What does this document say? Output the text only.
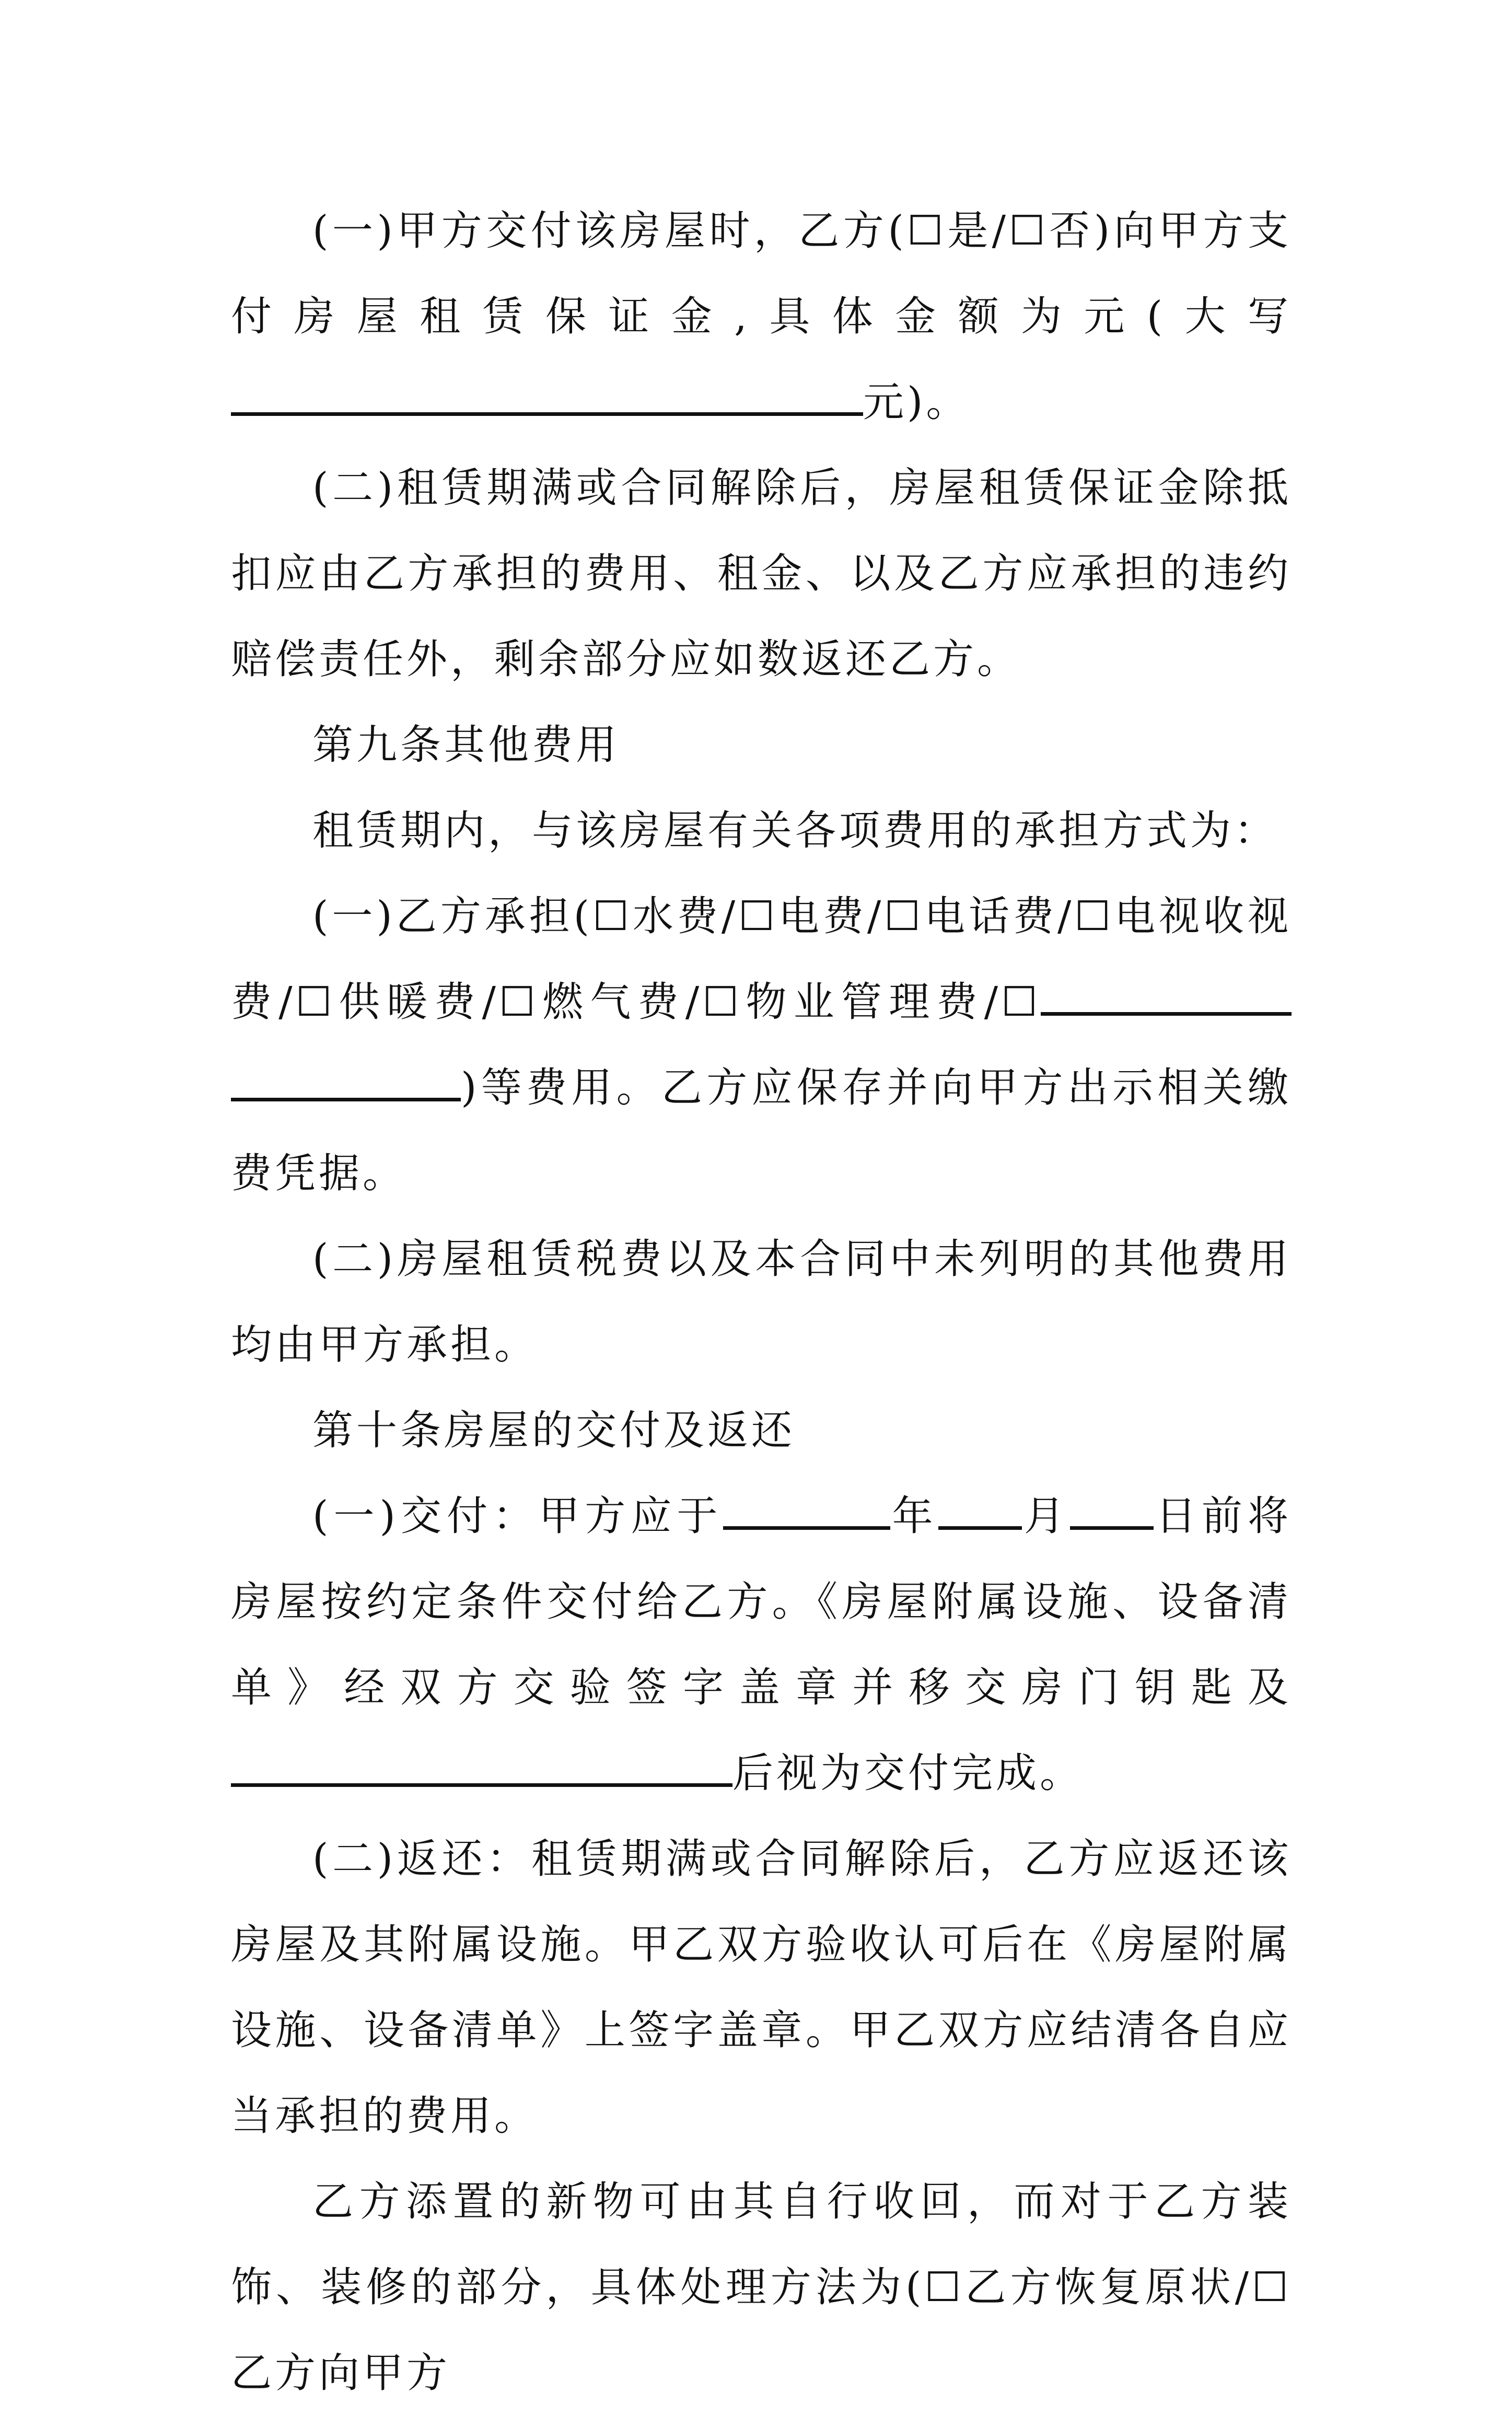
(一)甲方交付该房屋时，乙方(☐是/☐否)向甲方支付房屋租赁保证金,具体金额为元(大写元)。

(二)租赁期满或合同解除后，房屋租赁保证金除抵扣应由乙方承担的费用、租金、以及乙方应承担的违约赔偿责任外，剩余部分应如数返还乙方。

第九条其他费用

租赁期内，与该房屋有关各项费用的承担方式为：

(一)乙方承担(☐水费/☐电费/☐电话费/☐电视收视费/☐供暖费/☐燃气费/☐物业管理费/☐)等费用。乙方应保存并向甲方出示相关缴费凭据。

(二)房屋租赁税费以及本合同中未列明的其他费用均由甲方承担。

第十条房屋的交付及返还

(一)交付：甲方应于	年 月 日前将房屋按约定条件交付给乙方。《房屋附属设施、设备清单》经双方交验签字盖章并移交房门钥匙及后视为交付完成。

(二)返还：租赁期满或合同解除后，乙方应返还该房屋及其附属设施。甲乙双方验收认可后在《房屋附属设施、设备清单》上签字盖章。甲乙双方应结清各自应当承担的费用。

乙方添置的新物可由其自行收回，而对于乙方装饰、装修的部分，具体处理方法为(☐乙方恢复原状/☐乙方向甲方
